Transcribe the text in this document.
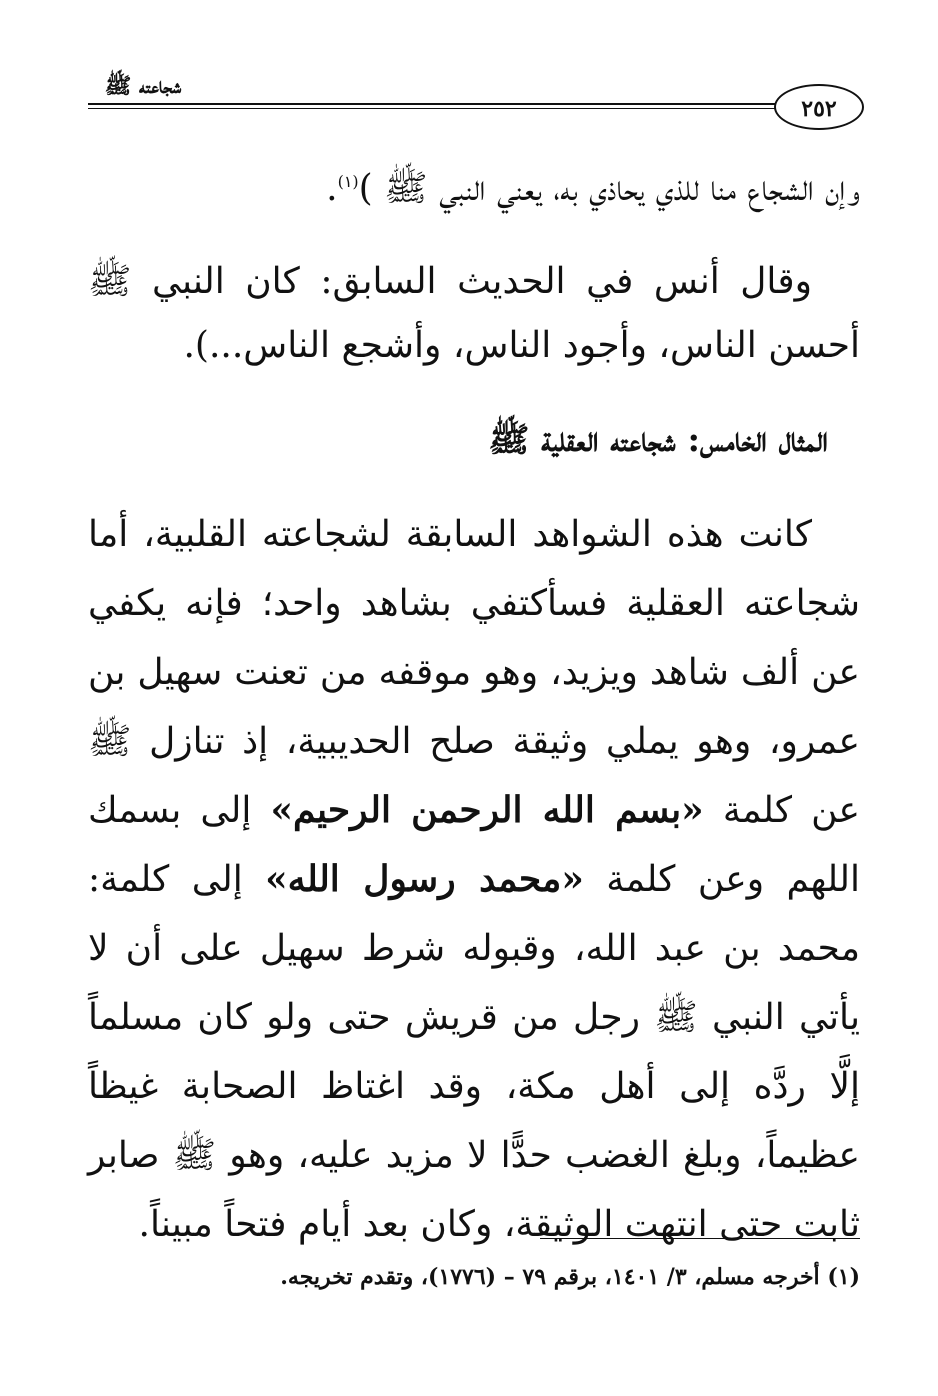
شجاعته ﷺ
٢٥٢
وإن الشجاع منا للذي يحاذي به، يعني النبي ﷺ )$^{(١)}$.
وقال أنس في الحديث السابق: كان النبي ﷺ أحسن الناس، وأجود الناس، وأشجع الناس...).
المثال الخامس: شجاعته العقلية ﷺ
كانت هذه الشواهد السابقة لشجاعته القلبية، أما شجاعته العقلية فسأكتفي بشاهد واحد؛ فإنه يكفي عن ألف شاهد ويزيد، وهو موقفه من تعنت سهيل بن عمرو، وهو يملي وثيقة صلح الحديبية، إذ تنازل ﷺ عن كلمة «بسم الله الرحمن الرحيم» إلى بسمك اللهم وعن كلمة «محمد رسول الله» إلى كلمة: محمد بن عبد الله، وقبوله شرط سهيل على أن لا يأتي النبي ﷺ رجل من قريش حتى ولو كان مسلماً إلَّا ردَّه إلى أهل مكة، وقد اغتاظ الصحابة غيظاً عظيماً، وبلغ الغضب حدًّا لا مزيد عليه، وهو ﷺ صابر ثابت حتى انتهت الوثيقة، وكان بعد أيام فتحاً مبيناً.
(١) أخرجه مسلم، ٣/ ١٤٠١، برقم ٧٩ – (١٧٧٦)، وتقدم تخريجه.
